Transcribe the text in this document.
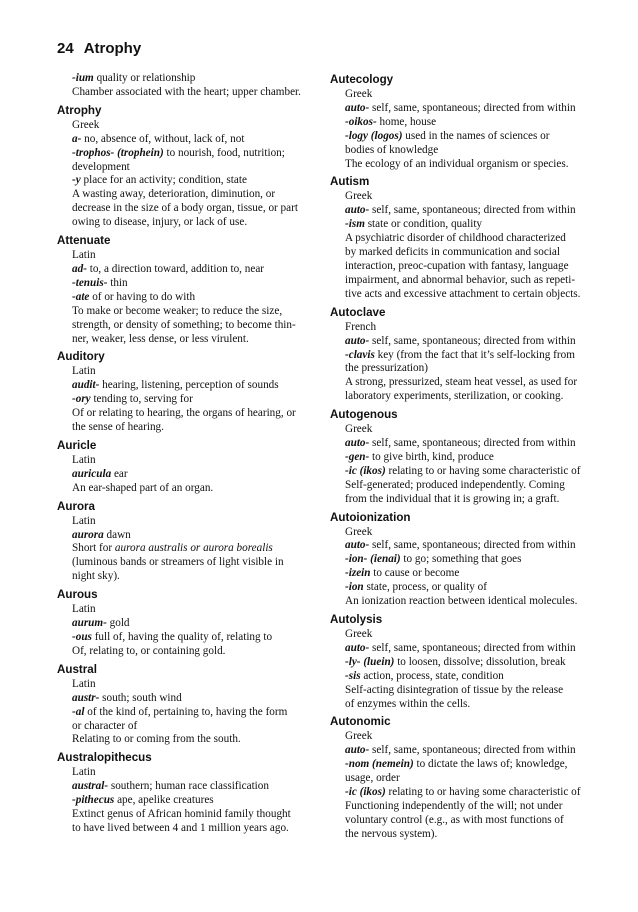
24 Atrophy
-ium quality or relationship
Chamber associated with the heart; upper chamber.
Atrophy
Greek
a- no, absence of, without, lack of, not
-trophos- (trophein) to nourish, food, nutrition;
development
-y place for an activity; condition, state
A wasting away, deterioration, diminution, or
decrease in the size of a body organ, tissue, or part
owing to disease, injury, or lack of use.
Attenuate
Latin
ad- to, a direction toward, addition to, near
-tenuis- thin
-ate of or having to do with
To make or become weaker; to reduce the size,
strength, or density of something; to become thin-
ner, weaker, less dense, or less virulent.
Auditory
Latin
audit- hearing, listening, perception of sounds
-ory tending to, serving for
Of or relating to hearing, the organs of hearing, or
the sense of hearing.
Auricle
Latin
auricula ear
An ear-shaped part of an organ.
Aurora
Latin
aurora dawn
Short for aurora australis or aurora borealis
(luminous bands or streamers of light visible in
night sky).
Aurous
Latin
aurum- gold
-ous full of, having the quality of, relating to
Of, relating to, or containing gold.
Austral
Latin
austr- south; south wind
-al of the kind of, pertaining to, having the form
or character of
Relating to or coming from the south.
Australopithecus
Latin
austral- southern; human race classification
-pithecus ape, apelike creatures
Extinct genus of African hominid family thought
to have lived between 4 and 1 million years ago.
Autecology
Greek
auto- self, same, spontaneous; directed from within
-oikos- home, house
-logy (logos) used in the names of sciences or
bodies of knowledge
The ecology of an individual organism or species.
Autism
Greek
auto- self, same, spontaneous; directed from within
-ism state or condition, quality
A psychiatric disorder of childhood characterized
by marked deficits in communication and social
interaction, preoc-cupation with fantasy, language
impairment, and abnormal behavior, such as repeti-
tive acts and excessive attachment to certain objects.
Autoclave
French
auto- self, same, spontaneous; directed from within
-clavis key (from the fact that it’s self-locking from
the pressurization)
A strong, pressurized, steam heat vessel, as used for
laboratory experiments, sterilization, or cooking.
Autogenous
Greek
auto- self, same, spontaneous; directed from within
-gen- to give birth, kind, produce
-ic (ikos) relating to or having some characteristic of
Self-generated; produced independently. Coming
from the individual that it is growing in; a graft.
Autoionization
Greek
auto- self, same, spontaneous; directed from within
-ion- (ienai) to go; something that goes
-izein to cause or become
-ion state, process, or quality of
An ionization reaction between identical molecules.
Autolysis
Greek
auto- self, same, spontaneous; directed from within
-ly- (luein) to loosen, dissolve; dissolution, break
-sis action, process, state, condition
Self-acting disintegration of tissue by the release
of enzymes within the cells.
Autonomic
Greek
auto- self, same, spontaneous; directed from within
-nom (nemein) to dictate the laws of; knowledge,
usage, order
-ic (ikos) relating to or having some characteristic of
Functioning independently of the will; not under
voluntary control (e.g., as with most functions of
the nervous system).
